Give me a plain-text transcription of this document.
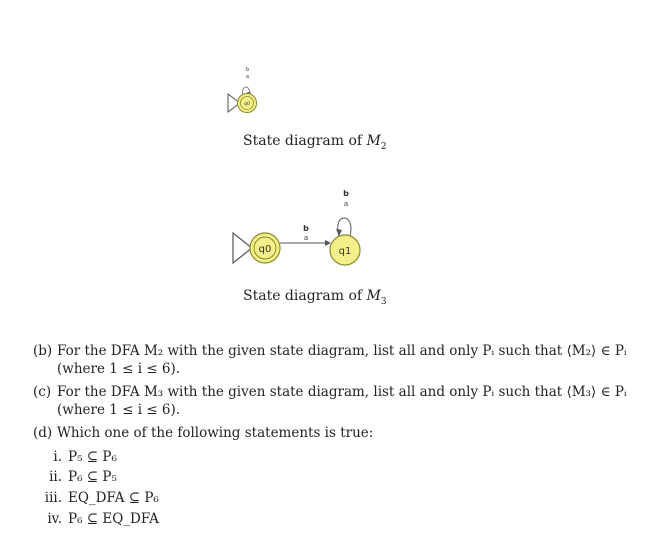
b
a
q0
q0
b
a
b
a
q1
State diagram of $M_2$
State diagram of $M_3$
(b) For the DFA M₂ with the given state diagram, list all and only Pᵢ such that ⟨M₂⟩ ∈ Pᵢ
(where 1 ≤ i ≤ 6).
(c) For the DFA M₃ with the given state diagram, list all and only Pᵢ such that ⟨M₃⟩ ∈ Pᵢ
(where 1 ≤ i ≤ 6).
(d) Which one of the following statements is true:
i. P₅ ⊆ P₆
ii. P₆ ⊆ P₅
iii. EQ_DFA ⊆ P₆
iv. P₆ ⊆ EQ_DFA
